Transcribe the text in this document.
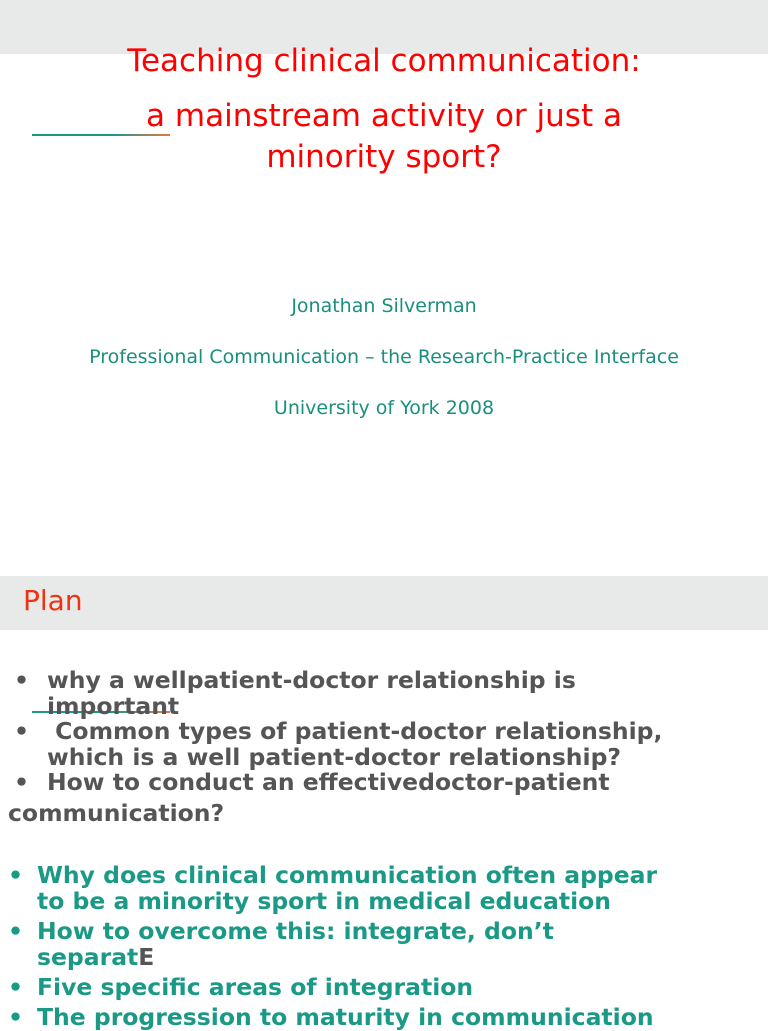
Teaching clinical communication:
a mainstream activity or just a
minority sport?

Jonathan Silverman

Professional Communication – the Research-Practice Interface

University of York 2008

Plan
• why a wellpatient-doctor relationship is
important
• Common types of patient-doctor relationship,
which is a well patient-doctor relationship?
• How to conduct an effectivedoctor-patient
communication?
• Why does clinical communication often appear
to be a minority sport in medical education
• How to overcome this: integrate, don’t
separatE
• Five specific areas of integration
• The progression to maturity in communication
